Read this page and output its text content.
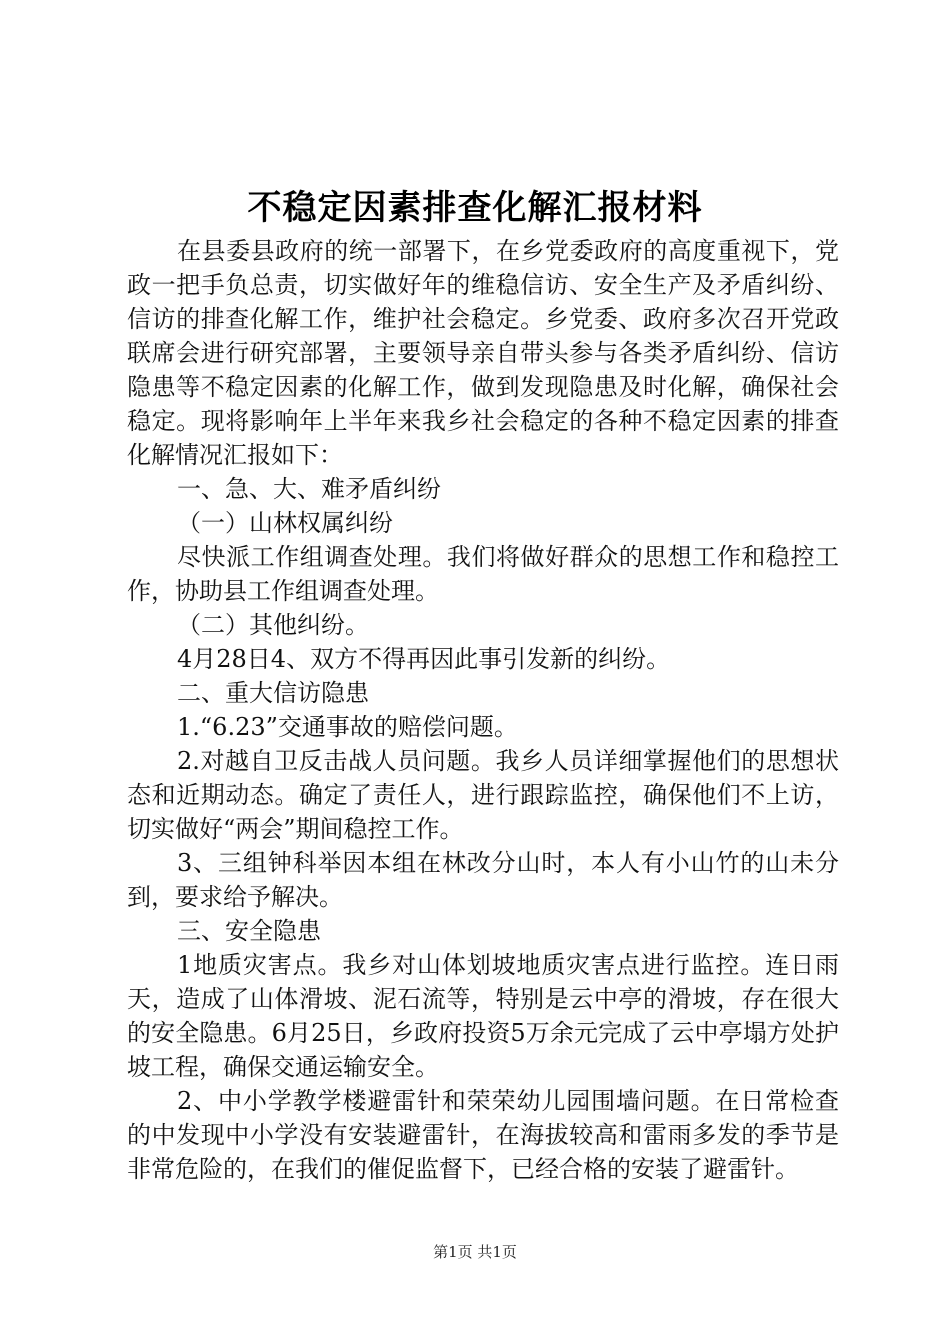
不稳定因素排查化解汇报材料

在县委县政府的统一部署下，在乡党委政府的高度重视下，党政一把手负总责，切实做好年的维稳信访、安全生产及矛盾纠纷、信访的排查化解工作，维护社会稳定。乡党委、政府多次召开党政联席会进行研究部署，主要领导亲自带头参与各类矛盾纠纷、信访隐患等不稳定因素的化解工作，做到发现隐患及时化解，确保社会稳定。现将影响年上半年来我乡社会稳定的各种不稳定因素的排查化解情况汇报如下：

一、急、大、难矛盾纠纷

（一）山林权属纠纷

尽快派工作组调查处理。我们将做好群众的思想工作和稳控工作，协助县工作组调查处理。

（二）其他纠纷。

4月28日4、双方不得再因此事引发新的纠纷。

二、重大信访隐患

1.“6.23”交通事故的赔偿问题。

2.对越自卫反击战人员问题。我乡人员详细掌握他们的思想状态和近期动态。确定了责任人，进行跟踪监控，确保他们不上访，切实做好“两会”期间稳控工作。

3、三组钟科举因本组在林改分山时，本人有小山竹的山未分到，要求给予解决。

三、安全隐患

1地质灾害点。我乡对山体划坡地质灾害点进行监控。连日雨天，造成了山体滑坡、泥石流等，特别是云中亭的滑坡，存在很大的安全隐患。6月25日，乡政府投资5万余元完成了云中亭塌方处护坡工程，确保交通运输安全。

2、中小学教学楼避雷针和荣荣幼儿园围墙问题。在日常检查的中发现中小学没有安装避雷针，在海拔较高和雷雨多发的季节是非常危险的，在我们的催促监督下，已经合格的安装了避雷针。

第1页 共1页
